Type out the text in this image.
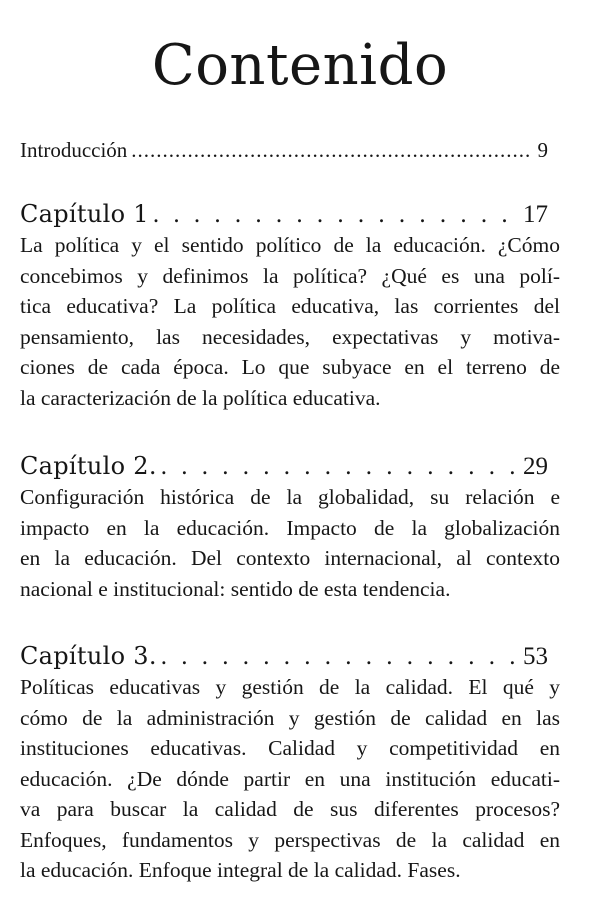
Contenido
Introducción .....	9
Capítulo 1 . . .	17

La política y el sentido político de la educación. ¿Cómo
concebimos y definimos la política? ¿Qué es una polí-
tica educativa? La política educativa, las corrientes del
pensamiento, las necesidades, expectativas y motiva-
ciones de cada época. Lo que subyace en el terreno de
la caracterización de la política educativa.

Capítulo 2. . . .	29

Configuración histórica de la globalidad, su relación e
impacto en la educación. Impacto de la globalización
en la educación. Del contexto internacional, al contexto
nacional e institucional: sentido de esta tendencia.

Capítulo 3. . . .	53

Políticas educativas y gestión de la calidad. El qué y
cómo de la administración y gestión de calidad en las
instituciones educativas. Calidad y competitividad en
educación. ¿De dónde partir en una institución educati-
va para buscar la calidad de sus diferentes procesos?
Enfoques, fundamentos y perspectivas de la calidad en
la educación. Enfoque integral de la calidad. Fases.
